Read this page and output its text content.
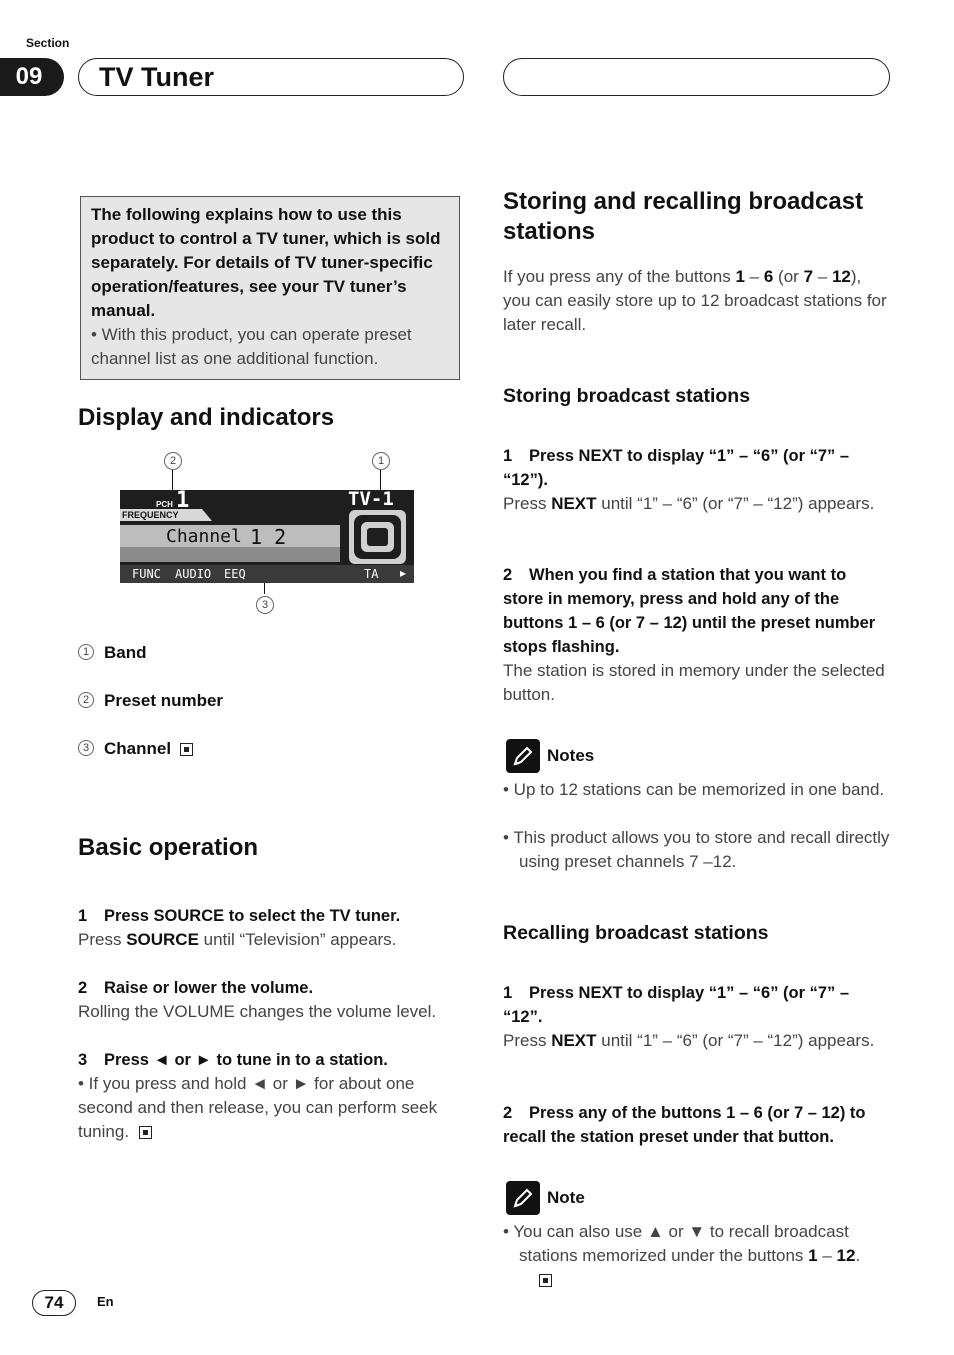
Section
09	TV Tuner
The following explains how to use this product to control a TV tuner, which is sold separately. For details of TV tuner-specific operation/features, see your TV tuner’s manual.
• With this product, you can operate preset channel list as one additional function.
Display and indicators
2	1
3
PCH 1
FREQUENCY
TV-1
Channel 1 2
FUNC AUDIO EEQ	TA ▸
1 Band
2 Preset number
3 Channel
Basic operation
1 Press SOURCE to select the TV tuner.
Press SOURCE until “Television” appears.
2 Raise or lower the volume.
Rolling the VOLUME changes the volume level.
3 Press ◄ or ► to tune in to a station.
• If you press and hold ◄ or ► for about one second and then release, you can perform seek tuning.
Storing and recalling broadcast stations
If you press any of the buttons 1 – 6 (or 7 – 12), you can easily store up to 12 broadcast stations for later recall.
Storing broadcast stations
1 Press NEXT to display “1” – “6” (or “7” – “12”).
Press NEXT until “1” – “6” (or “7” – “12”) appears.
2 When you find a station that you want to store in memory, press and hold any of the buttons 1 – 6 (or 7 – 12) until the preset number stops flashing.
The station is stored in memory under the selected button.
Notes
• Up to 12 stations can be memorized in one band.
• This product allows you to store and recall directly using preset channels 7 –12.
Recalling broadcast stations
1 Press NEXT to display “1” – “6” (or “7” – “12”.
Press NEXT until “1” – “6” (or “7” – “12”) appears.
2 Press any of the buttons 1 – 6 (or 7 – 12) to recall the station preset under that button.
Note
• You can also use ▲ or ▼ to recall broadcast stations memorized under the buttons 1 – 12.

74	En
